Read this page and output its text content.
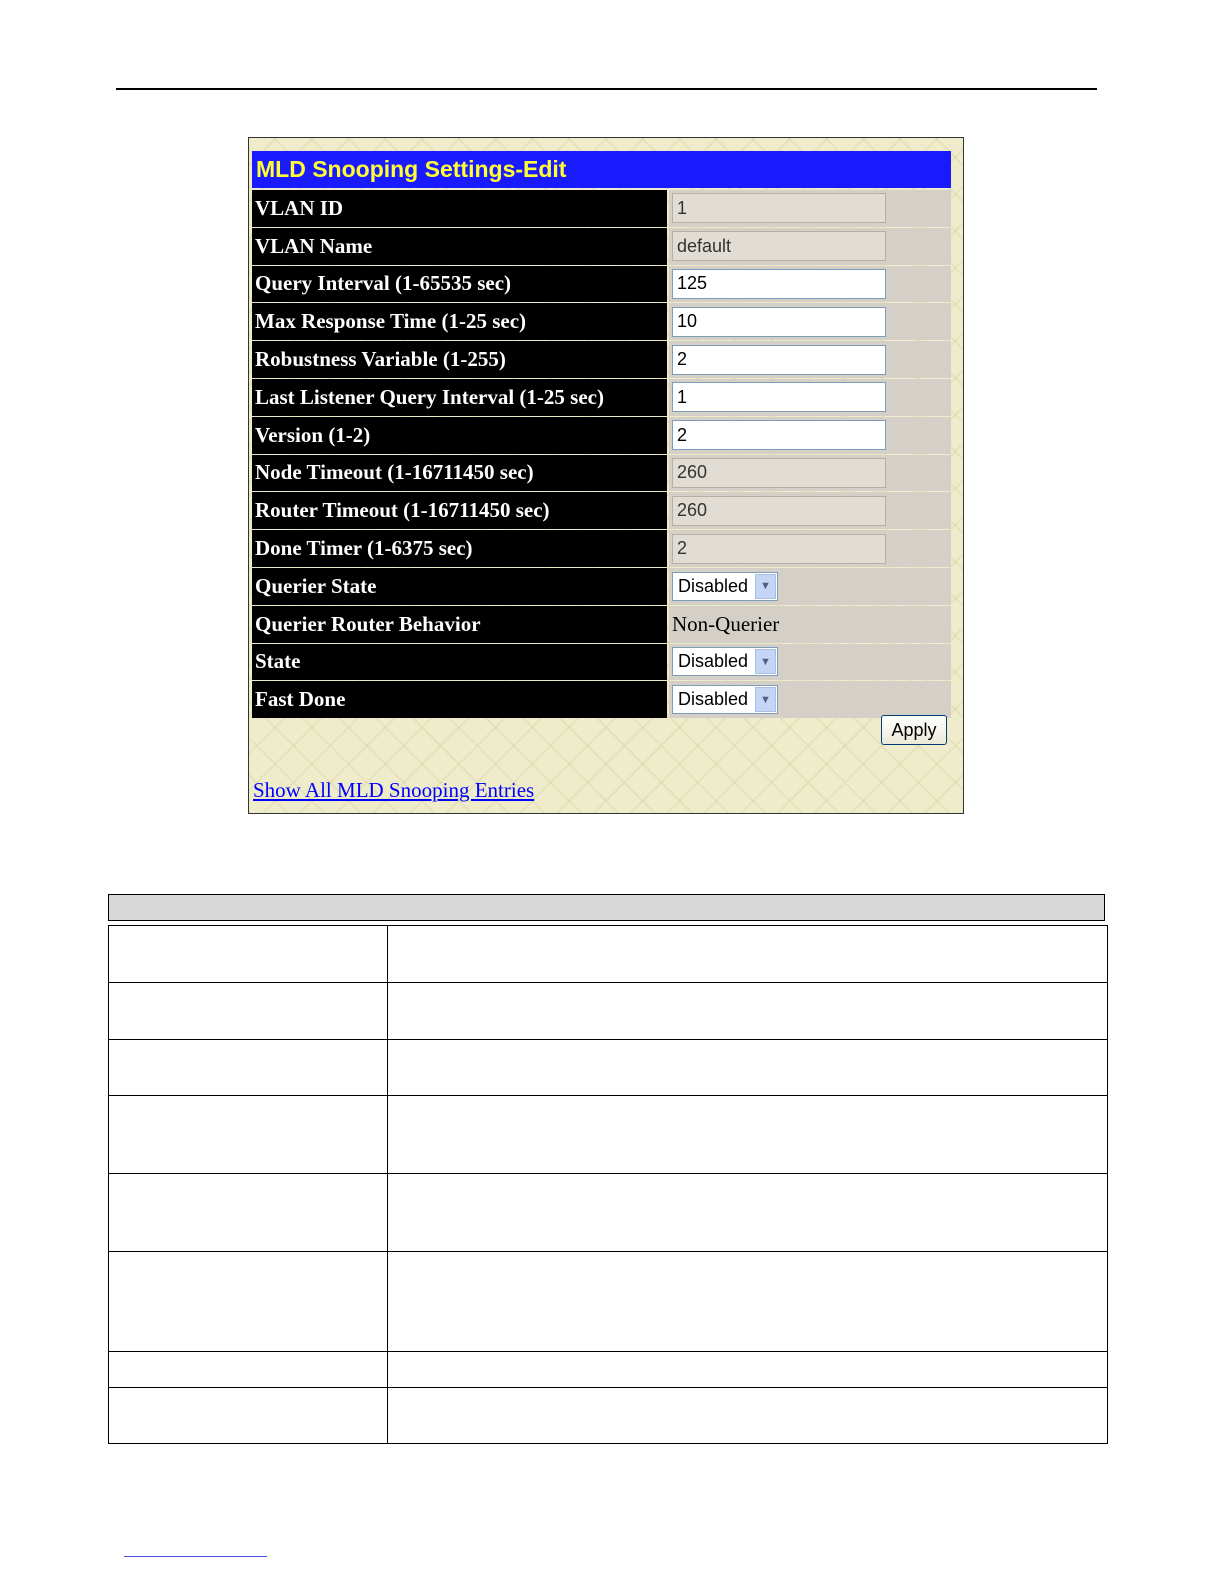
MLD Snooping Settings-Edit
VLAN ID	1
VLAN Name	default
Query Interval (1-65535 sec)	125
Max Response Time (1-25 sec)	10
Robustness Variable (1-255)	2
Last Listener Query Interval (1-25 sec)	1
Version (1-2)	2
Node Timeout (1-16711450 sec)	260
Router Timeout (1-16711450 sec)	260
Done Timer (1-6375 sec)	2
Querier State	Disabled	▼
Querier Router Behavior	Non-Querier
State	Disabled	▼
Fast Done	Disabled	▼
Apply
Show All MLD Snooping Entries
